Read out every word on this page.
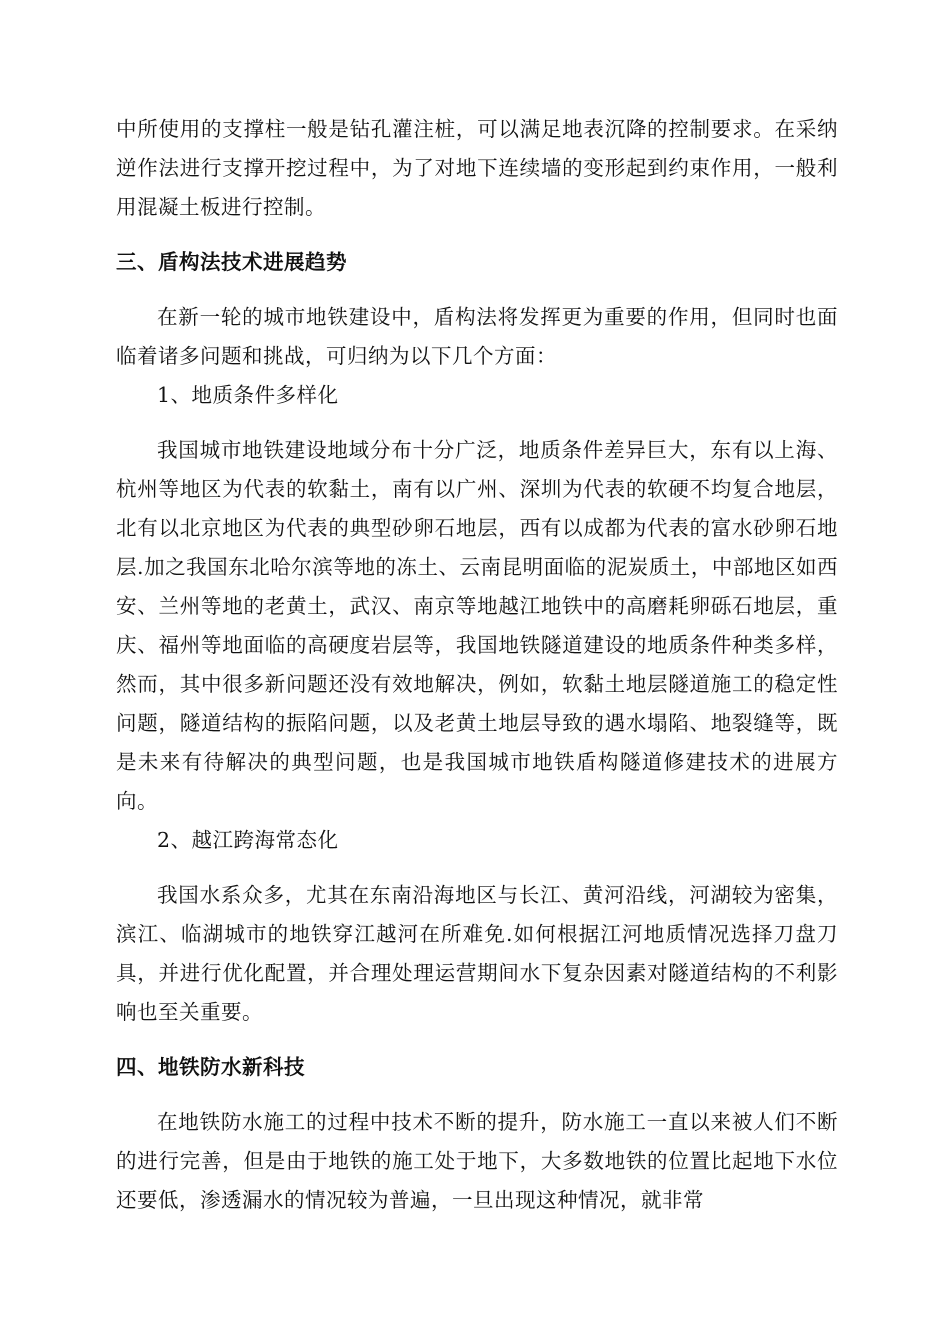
中所使用的支撑柱一般是钻孔灌注桩，可以满足地表沉降的控制要求。在采纳逆作法进行支撑开挖过程中，为了对地下连续墙的变形起到约束作用，一般利用混凝土板进行控制。

三、盾构法技术进展趋势

在新一轮的城市地铁建设中，盾构法将发挥更为重要的作用，但同时也面临着诸多问题和挑战，可归纳为以下几个方面：

1、地质条件多样化

我国城市地铁建设地域分布十分广泛，地质条件差异巨大，东有以上海、杭州等地区为代表的软黏土，南有以广州、深圳为代表的软硬不均复合地层，北有以北京地区为代表的典型砂卵石地层，西有以成都为代表的富水砂卵石地层.加之我国东北哈尔滨等地的冻土、云南昆明面临的泥炭质土，中部地区如西安、兰州等地的老黄土，武汉、南京等地越江地铁中的高磨耗卵砾石地层，重庆、福州等地面临的高硬度岩层等，我国地铁隧道建设的地质条件种类多样，然而，其中很多新问题还没有效地解决，例如，软黏土地层隧道施工的稳定性问题，隧道结构的振陷问题，以及老黄土地层导致的遇水塌陷、地裂缝等，既是未来有待解决的典型问题，也是我国城市地铁盾构隧道修建技术的进展方向。

2、越江跨海常态化

我国水系众多，尤其在东南沿海地区与长江、黄河沿线，河湖较为密集，滨江、临湖城市的地铁穿江越河在所难免.如何根据江河地质情况选择刀盘刀具，并进行优化配置，并合理处理运营期间水下复杂因素对隧道结构的不利影响也至关重要。

四、地铁防水新科技

在地铁防水施工的过程中技术不断的提升，防水施工一直以来被人们不断的进行完善，但是由于地铁的施工处于地下，大多数地铁的位置比起地下水位还要低，渗透漏水的情况较为普遍，一旦出现这种情况，就非常
